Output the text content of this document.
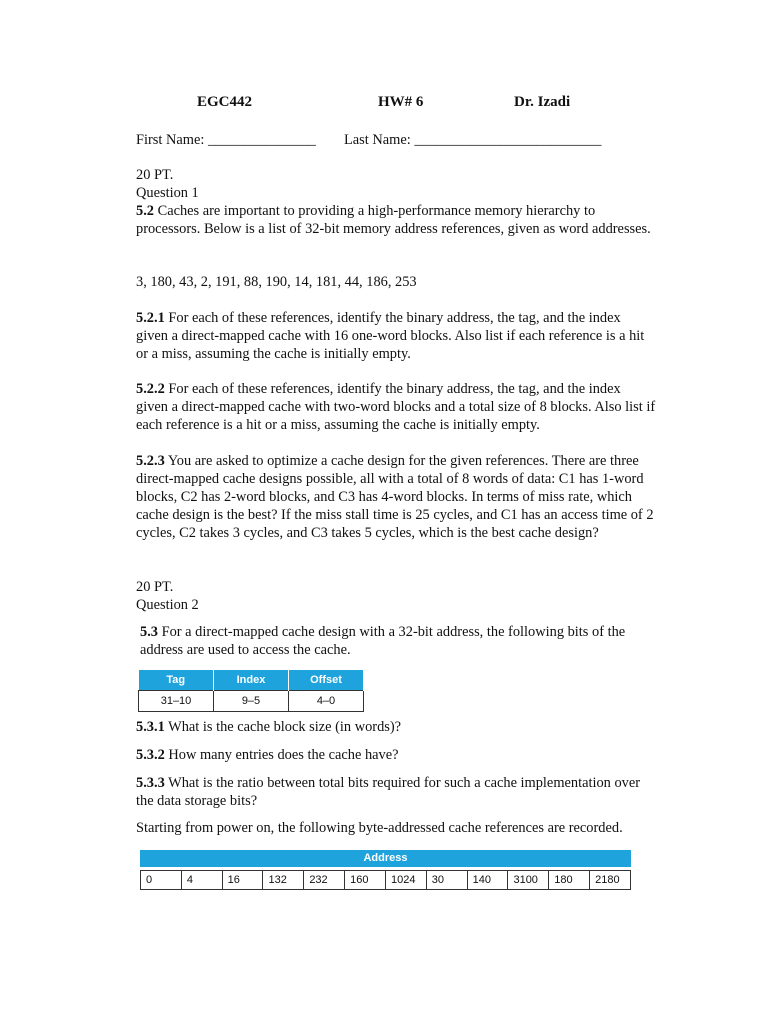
EGC442	HW# 6	Dr. Izadi
First Name: _______________ Last Name: __________________________
20 PT.
Question 1
5.2 Caches are important to providing a high-performance memory hierarchy to processors. Below is a list of 32-bit memory address references, given as word addresses.
3, 180, 43, 2, 191, 88, 190, 14, 181, 44, 186, 253
5.2.1 For each of these references, identify the binary address, the tag, and the index given a direct-mapped cache with 16 one-word blocks. Also list if each reference is a hit or a miss, assuming the cache is initially empty.
5.2.2 For each of these references, identify the binary address, the tag, and the index given a direct-mapped cache with two-word blocks and a total size of 8 blocks. Also list if each reference is a hit or a miss, assuming the cache is initially empty.
5.2.3 You are asked to optimize a cache design for the given references. There are three direct-mapped cache designs possible, all with a total of 8 words of data: C1 has 1-word blocks, C2 has 2-word blocks, and C3 has 4-word blocks. In terms of miss rate, which cache design is the best? If the miss stall time is 25 cycles, and C1 has an access time of 2 cycles, C2 takes 3 cycles, and C3 takes 5 cycles, which is the best cache design?
20 PT.
Question 2
5.3 For a direct-mapped cache design with a 32-bit address, the following bits of the address are used to access the cache.
Tag	Index	Offset
31–10	9–5	4–0
5.3.1 What is the cache block size (in words)?
5.3.2 How many entries does the cache have?
5.3.3 What is the ratio between total bits required for such a cache implementation over the data storage bits?
Starting from power on, the following byte-addressed cache references are recorded.
Address
0	4	16	132	232	160	1024	30	140	3100	180	2180
